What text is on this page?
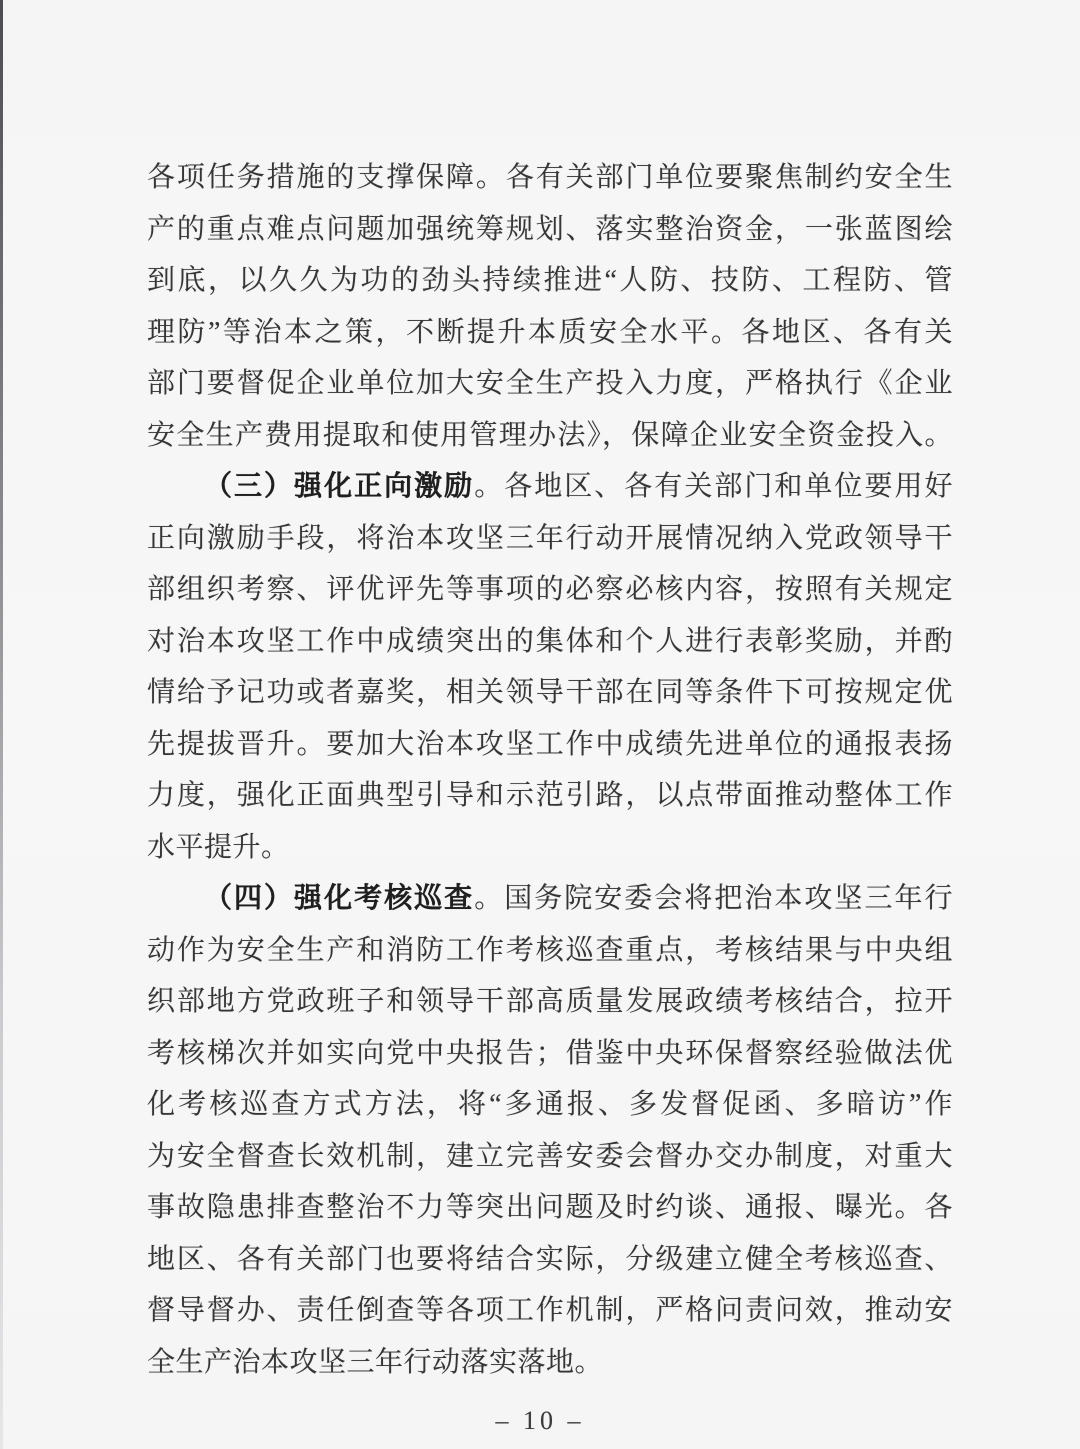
各项任务措施的支撑保障。各有关部门单位要聚焦制约安全生
产的重点难点问题加强统筹规划、落实整治资金，一张蓝图绘
到底，以久久为功的劲头持续推进“人防、技防、工程防、管
理防”等治本之策，不断提升本质安全水平。各地区、各有关
部门要督促企业单位加大安全生产投入力度，严格执行《企业
安全生产费用提取和使用管理办法》，保障企业安全资金投入。
（三）强化正向激励。各地区、各有关部门和单位要用好
正向激励手段，将治本攻坚三年行动开展情况纳入党政领导干
部组织考察、评优评先等事项的必察必核内容，按照有关规定
对治本攻坚工作中成绩突出的集体和个人进行表彰奖励，并酌
情给予记功或者嘉奖，相关领导干部在同等条件下可按规定优
先提拔晋升。要加大治本攻坚工作中成绩先进单位的通报表扬
力度，强化正面典型引导和示范引路，以点带面推动整体工作
水平提升。
（四）强化考核巡查。国务院安委会将把治本攻坚三年行
动作为安全生产和消防工作考核巡查重点，考核结果与中央组
织部地方党政班子和领导干部高质量发展政绩考核结合，拉开
考核梯次并如实向党中央报告；借鉴中央环保督察经验做法优
化考核巡查方式方法，将“多通报、多发督促函、多暗访”作
为安全督查长效机制，建立完善安委会督办交办制度，对重大
事故隐患排查整治不力等突出问题及时约谈、通报、曝光。各
地区、各有关部门也要将结合实际，分级建立健全考核巡查、
督导督办、责任倒查等各项工作机制，严格问责问效，推动安
全生产治本攻坚三年行动落实落地。
– 10 –
